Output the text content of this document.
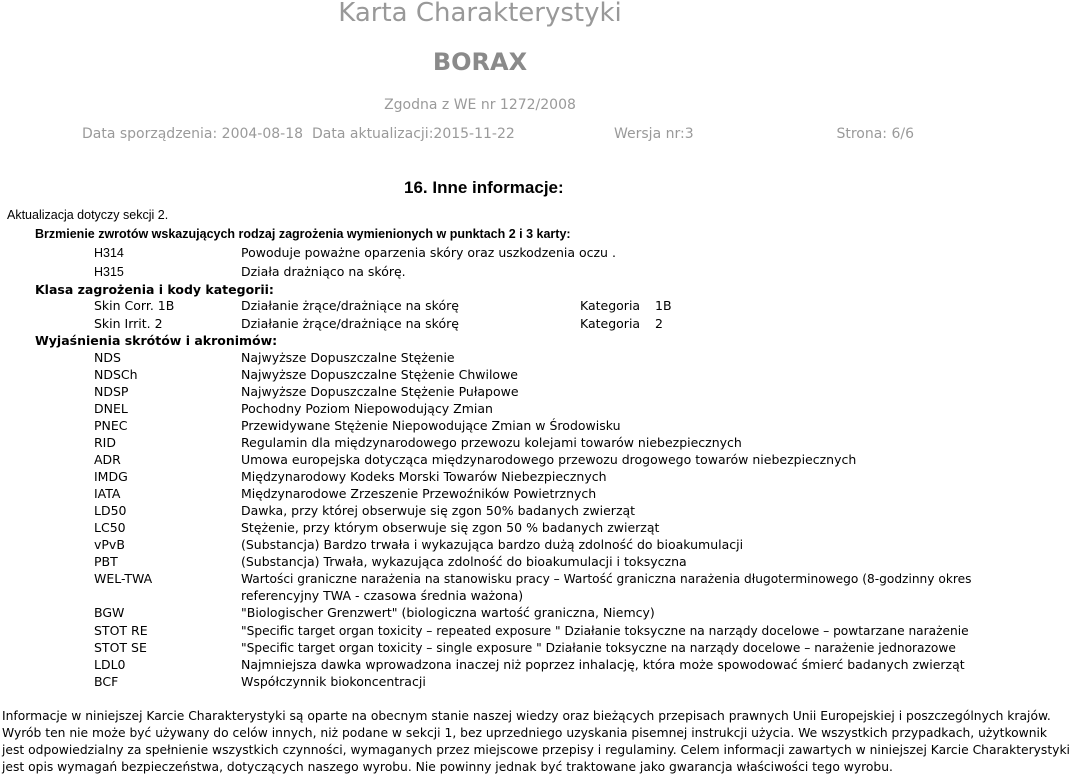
Karta Charakterystyki
BORAX
Zgodna z WE nr 1272/2008
Data sporządzenia: 2004-08-18 Data aktualizacji:2015-11-22	Wersja nr:3	Strona: 6/6
16. Inne informacje:
Aktualizacja dotyczy sekcji 2.
Brzmienie zwrotów wskazujących rodzaj zagrożenia wymienionych w punktach 2 i 3 karty:
H314	Powoduje poważne oparzenia skóry oraz uszkodzenia oczu .
H315	Działa drażniąco na skórę.
Klasa zagrożenia i kody kategorii:
Skin Corr. 1B	Działanie żrące/drażniące na skórę	Kategoria 1B
Skin Irrit. 2	Działanie żrące/drażniące na skórę	Kategoria 2
Wyjaśnienia skrótów i akronimów:
NDS	Najwyższe Dopuszczalne Stężenie
NDSCh	Najwyższe Dopuszczalne Stężenie Chwilowe
NDSP	Najwyższe Dopuszczalne Stężenie Pułapowe
DNEL	Pochodny Poziom Niepowodujący Zmian
PNEC	Przewidywane Stężenie Niepowodujące Zmian w Środowisku
RID	Regulamin dla międzynarodowego przewozu kolejami towarów niebezpiecznych
ADR	Umowa europejska dotycząca międzynarodowego przewozu drogowego towarów niebezpiecznych
IMDG	Międzynarodowy Kodeks Morski Towarów Niebezpiecznych
IATA	Międzynarodowe Zrzeszenie Przewoźników Powietrznych
LD50	Dawka, przy której obserwuje się zgon 50% badanych zwierząt
LC50	Stężenie, przy którym obserwuje się zgon 50 % badanych zwierząt
vPvB	(Substancja) Bardzo trwała i wykazująca bardzo dużą zdolność do bioakumulacji
PBT	(Substancja) Trwała, wykazująca zdolność do bioakumulacji i toksyczna
WEL-TWA	Wartości graniczne narażenia na stanowisku pracy – Wartość graniczna narażenia długoterminowego (8-godzinny okres
referencyjny TWA - czasowa średnia ważona)
BGW	"Biologischer Grenzwert" (biologiczna wartość graniczna, Niemcy)
STOT RE	"Specific target organ toxicity – repeated exposure " Działanie toksyczne na narządy docelowe – powtarzane narażenie
STOT SE	"Specific target organ toxicity – single exposure " Działanie toksyczne na narządy docelowe – narażenie jednorazowe
LDL0	Najmniejsza dawka wprowadzona inaczej niż poprzez inhalację, która może spowodować śmierć badanych zwierząt
BCF	Współczynnik biokoncentracji
Informacje w niniejszej Karcie Charakterystyki są oparte na obecnym stanie naszej wiedzy oraz bieżących przepisach prawnych Unii Europejskiej i poszczególnych krajów.
Wyrób ten nie może być używany do celów innych, niż podane w sekcji 1, bez uprzedniego uzyskania pisemnej instrukcji użycia. We wszystkich przypadkach, użytkownik
jest odpowiedzialny za spełnienie wszystkich czynności, wymaganych przez miejscowe przepisy i regulaminy. Celem informacji zawartych w niniejszej Karcie Charakterystyki
jest opis wymagań bezpieczeństwa, dotyczących naszego wyrobu. Nie powinny jednak być traktowane jako gwarancja właściwości tego wyrobu.
